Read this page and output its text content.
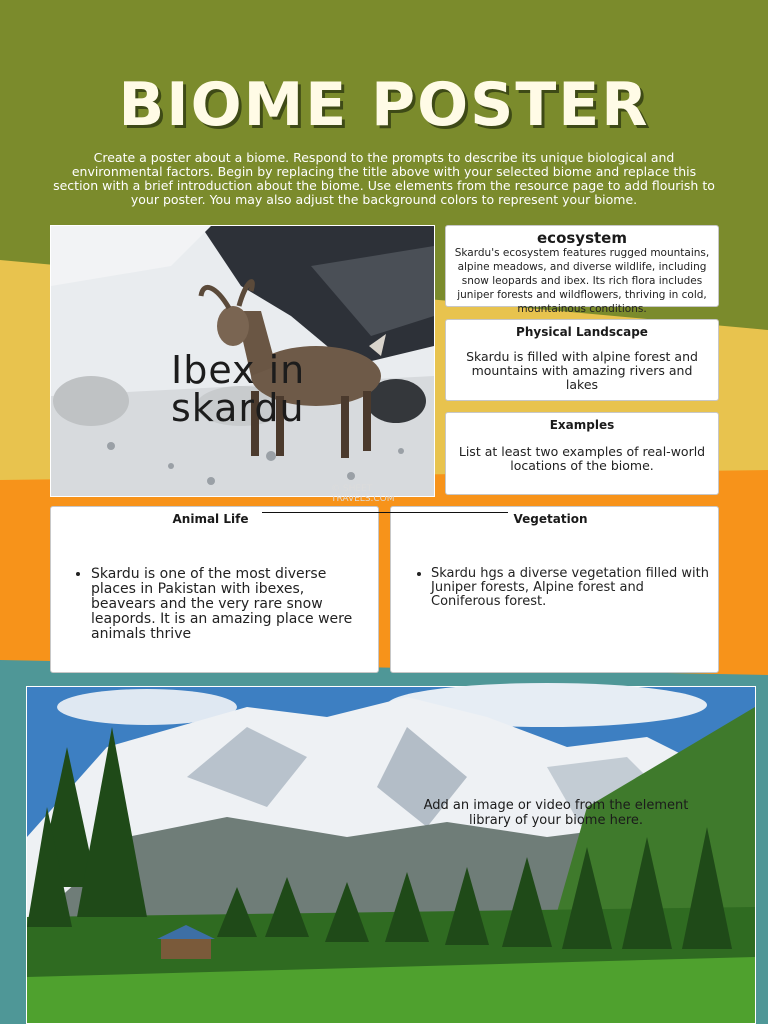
BIOME POSTER

Create a poster about a biome. Respond to the prompts to describe its unique biological and environmental factors. Begin by replacing the title above with your selected biome and replace this section with a brief introduction about the biome. Use elements from the resource page to add flourish to your poster. You may also adjust the background colors to represent your biome.

Ibex in skardu

© SHEET TRAVELS.COM

ecosystem

Skardu's ecosystem features rugged mountains, alpine meadows, and diverse wildlife, including snow leopards and ibex. Its rich flora includes juniper forests and wildflowers, thriving in cold, mountainous conditions.

Physical Landscape

Skardu is filled with alpine forest and mountains with amazing rivers and lakes

Examples

List at least two examples of real-world locations of the biome.

Animal Life
• Skardu is one of the most diverse places in Pakistan with ibexes, beavears and the very rare snow leapords. It is an amazing place were animals thrive
Vegetation
• Skardu hgs a diverse vegetation filled with Juniper forests, Alpine forest and Coniferous forest.

Add an image or video from the element library of your biome here.
